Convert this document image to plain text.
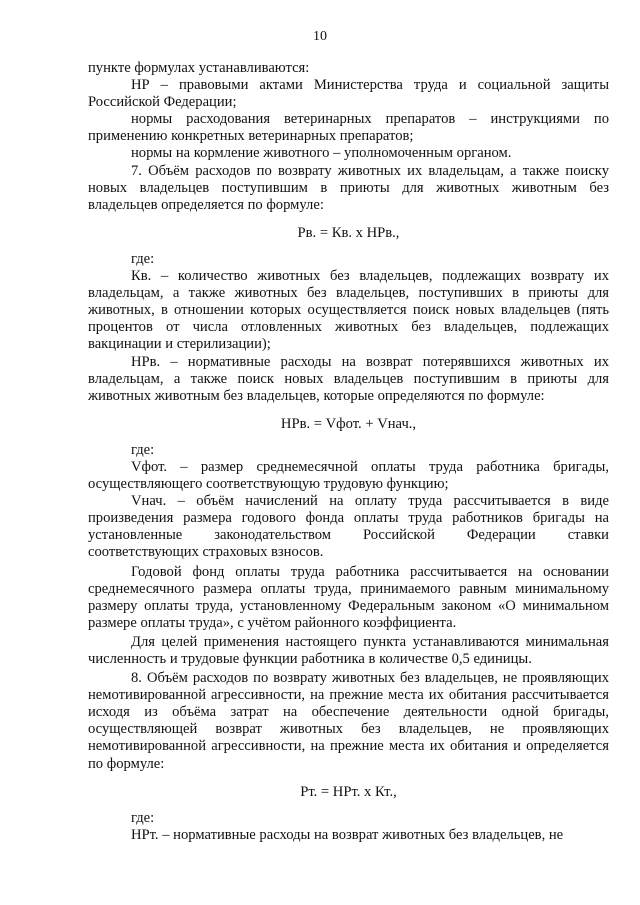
10

пункте формулах устанавливаются:

НР – правовыми актами Министерства труда и социальной защиты Российской Федерации;

нормы расходования ветеринарных препаратов – инструкциями по применению конкретных ветеринарных препаратов;

нормы на кормление животного – уполномоченным органом.

7. Объём расходов по возврату животных их владельцам, а также поиску новых владельцев поступившим в приюты для животных животным без владельцев определяется по формуле:

Рв. = Кв. х НРв.,

где:

Кв. – количество животных без владельцев, подлежащих возврату их владельцам, а также животных без владельцев, поступивших в приюты для животных, в отношении которых осуществляется поиск новых владельцев (пять процентов от числа отловленных животных без владельцев, подлежащих вакцинации и стерилизации);

НРв. – нормативные расходы на возврат потерявшихся животных их владельцам, а также поиск новых владельцев поступившим в приюты для животных животным без владельцев, которые определяются по формуле:

НРв. = Vфот. + Vнач.,

где:

Vфот. – размер среднемесячной оплаты труда работника бригады, осуществляющего соответствующую трудовую функцию;

Vнач. – объём начислений на оплату труда рассчитывается в виде произведения размера годового фонда оплаты труда работников бригады на установленные законодательством Российской Федерации ставки соответствующих страховых взносов.

Годовой фонд оплаты труда работника рассчитывается на основании среднемесячного размера оплаты труда, принимаемого равным минимальному размеру оплаты труда, установленному Федеральным законом «О минимальном размере оплаты труда», с учётом районного коэффициента.

Для целей применения настоящего пункта устанавливаются минимальная численность и трудовые функции работника в количестве 0,5 единицы.

8. Объём расходов по возврату животных без владельцев, не проявляющих немотивированной агрессивности, на прежние места их обитания рассчитывается исходя из объёма затрат на обеспечение деятельности одной бригады, осуществляющей возврат животных без владельцев, не проявляющих немотивированной агрессивности, на прежние места их обитания и определяется по формуле:

Рт. = НРт. х Кт.,

где:

НРт. – нормативные расходы на возврат животных без владельцев, не
